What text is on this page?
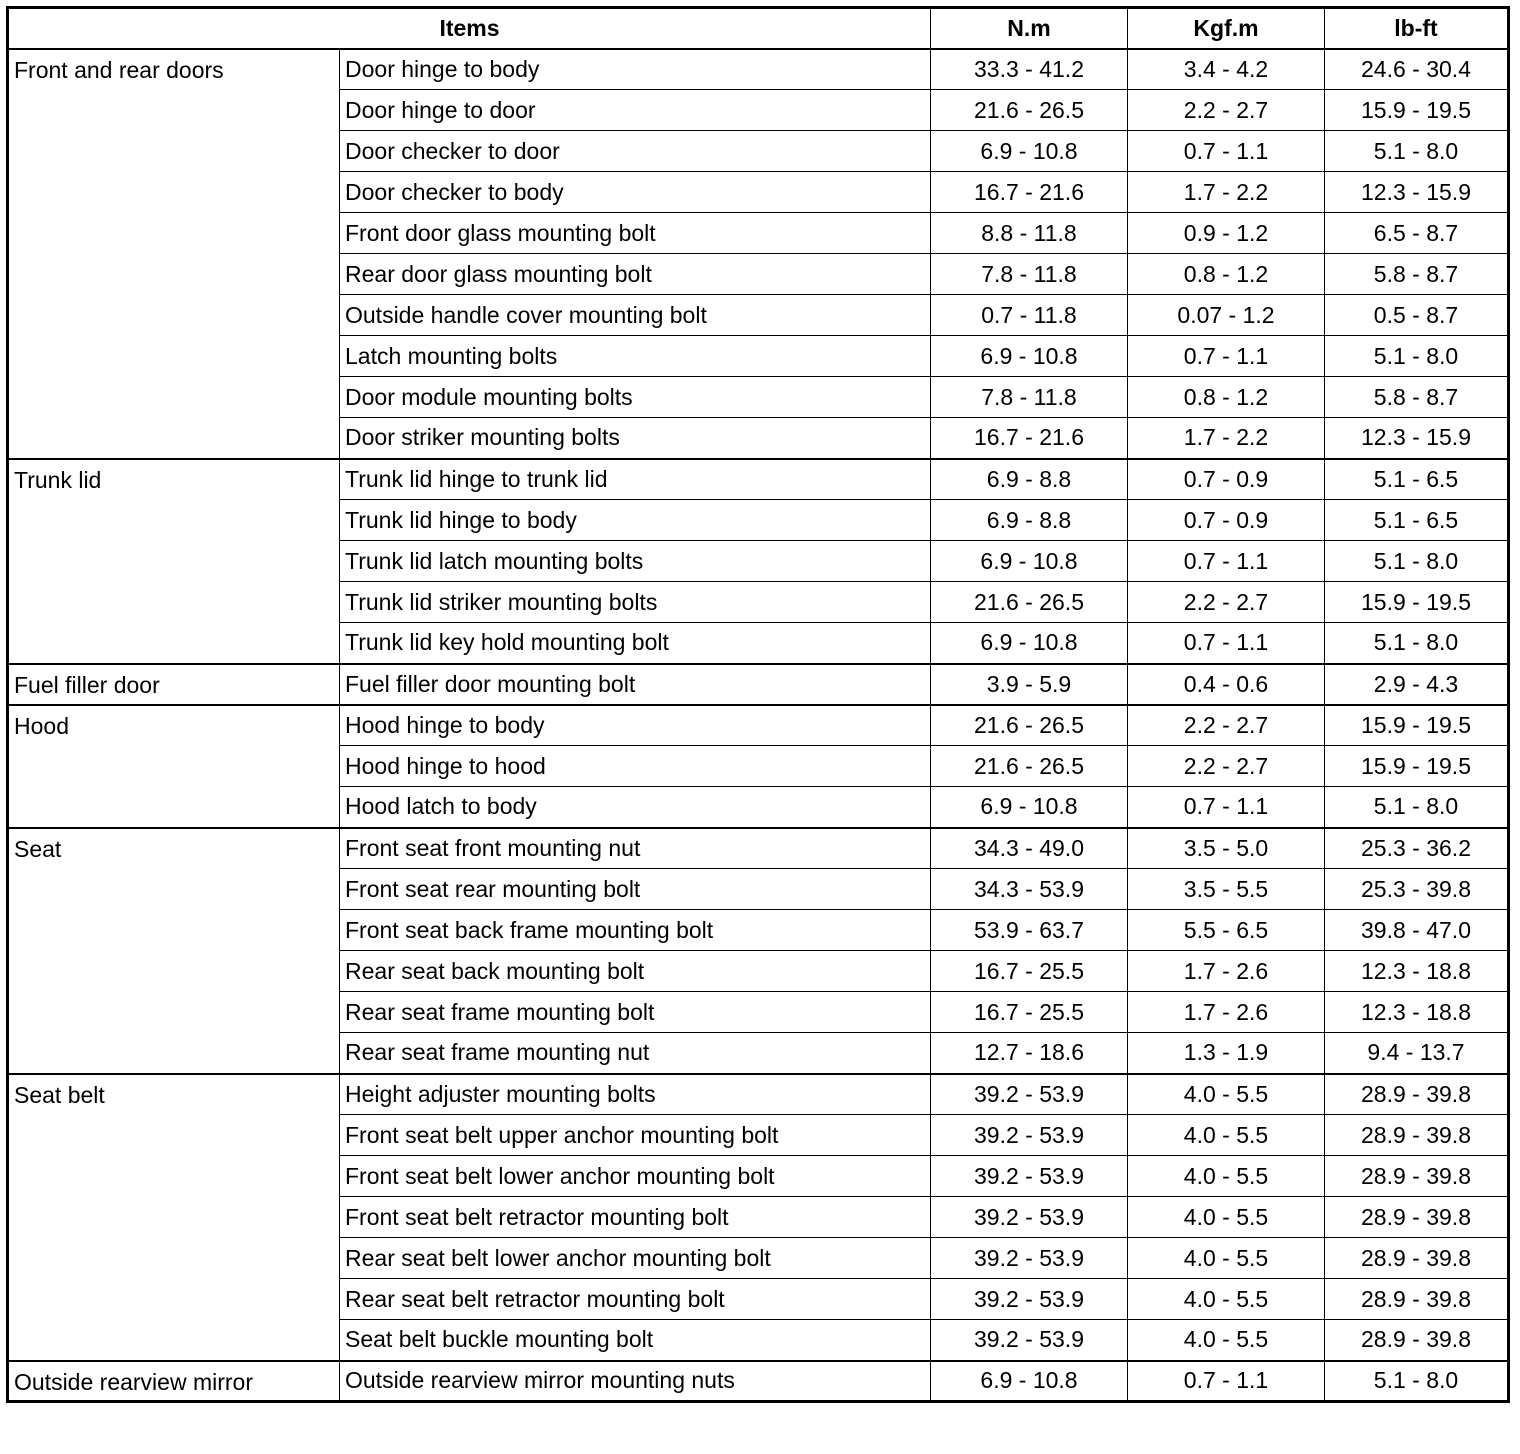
Items		N.m	Kgf.m	lb-ft
Front and rear doors	Door hinge to body	33.3 - 41.2	3.4 - 4.2	24.6 - 30.4
	Door hinge to door	21.6 - 26.5	2.2 - 2.7	15.9 - 19.5
	Door checker to door	6.9 - 10.8	0.7 - 1.1	5.1 - 8.0
	Door checker to body	16.7 - 21.6	1.7 - 2.2	12.3 - 15.9
	Front door glass mounting bolt	8.8 - 11.8	0.9 - 1.2	6.5 - 8.7
	Rear door glass mounting bolt	7.8 - 11.8	0.8 - 1.2	5.8 - 8.7
	Outside handle cover mounting bolt	0.7 - 11.8	0.07 - 1.2	0.5 - 8.7
	Latch mounting bolts	6.9 - 10.8	0.7 - 1.1	5.1 - 8.0
	Door module mounting bolts	7.8 - 11.8	0.8 - 1.2	5.8 - 8.7
	Door striker mounting bolts	16.7 - 21.6	1.7 - 2.2	12.3 - 15.9
Trunk lid	Trunk lid hinge to trunk lid	6.9 - 8.8	0.7 - 0.9	5.1 - 6.5
	Trunk lid hinge to body	6.9 - 8.8	0.7 - 0.9	5.1 - 6.5
	Trunk lid latch mounting bolts	6.9 - 10.8	0.7 - 1.1	5.1 - 8.0
	Trunk lid striker mounting bolts	21.6 - 26.5	2.2 - 2.7	15.9 - 19.5
	Trunk lid key hold mounting bolt	6.9 - 10.8	0.7 - 1.1	5.1 - 8.0
Fuel filler door	Fuel filler door mounting bolt	3.9 - 5.9	0.4 - 0.6	2.9 - 4.3
Hood	Hood hinge to body	21.6 - 26.5	2.2 - 2.7	15.9 - 19.5
	Hood hinge to hood	21.6 - 26.5	2.2 - 2.7	15.9 - 19.5
	Hood latch to body	6.9 - 10.8	0.7 - 1.1	5.1 - 8.0
Seat	Front seat front mounting nut	34.3 - 49.0	3.5 - 5.0	25.3 - 36.2
	Front seat rear mounting bolt	34.3 - 53.9	3.5 - 5.5	25.3 - 39.8
	Front seat back frame mounting bolt	53.9 - 63.7	5.5 - 6.5	39.8 - 47.0
	Rear seat back mounting bolt	16.7 - 25.5	1.7 - 2.6	12.3 - 18.8
	Rear seat frame mounting bolt	16.7 - 25.5	1.7 - 2.6	12.3 - 18.8
	Rear seat frame mounting nut	12.7 - 18.6	1.3 - 1.9	9.4 - 13.7
Seat belt	Height adjuster mounting bolts	39.2 - 53.9	4.0 - 5.5	28.9 - 39.8
	Front seat belt upper anchor mounting bolt	39.2 - 53.9	4.0 - 5.5	28.9 - 39.8
	Front seat belt lower anchor mounting bolt	39.2 - 53.9	4.0 - 5.5	28.9 - 39.8
	Front seat belt retractor mounting bolt	39.2 - 53.9	4.0 - 5.5	28.9 - 39.8
	Rear seat belt lower anchor mounting bolt	39.2 - 53.9	4.0 - 5.5	28.9 - 39.8
	Rear seat belt retractor mounting bolt	39.2 - 53.9	4.0 - 5.5	28.9 - 39.8
	Seat belt buckle mounting bolt	39.2 - 53.9	4.0 - 5.5	28.9 - 39.8
Outside rearview mirror	Outside rearview mirror mounting nuts	6.9 - 10.8	0.7 - 1.1	5.1 - 8.0
